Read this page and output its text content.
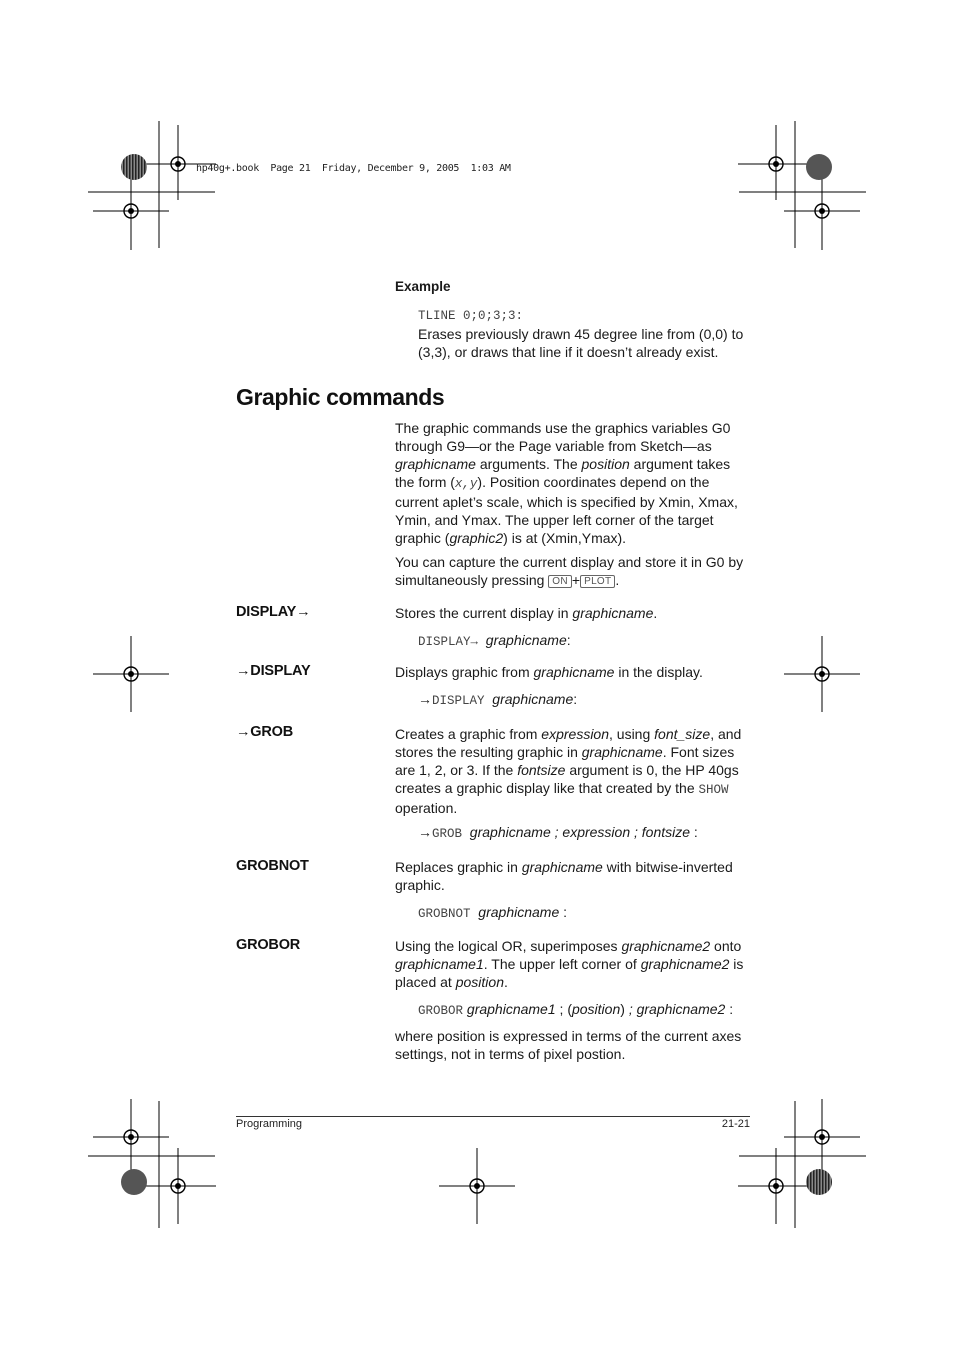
hp40g+.book  Page 21  Friday, December 9, 2005  1:03 AM
Example
TLINE 0;0;3;3:
Erases previously drawn 45 degree line from (0,0) to
(3,3), or draws that line if it doesn’t already exist.
Graphic commands
The graphic commands use the graphics variables G0 through G9—or the Page variable from Sketch—as graphicname arguments. The position argument takes the form (x,y). Position coordinates depend on the current aplet’s scale, which is specified by Xmin, Xmax, Ymin, and Ymax. The upper left corner of the target graphic (graphic2) is at (Xmin,Ymax).
You can capture the current display and store it in G0 by simultaneously pressing ON + PLOT .
DISPLAY→	Stores the current display in graphicname.
DISPLAY→ graphicname:
→DISPLAY	Displays graphic from graphicname in the display.
→DISPLAY graphicname:
→GROB	Creates a graphic from expression, using font_size, and stores the resulting graphic in graphicname. Font sizes are 1, 2, or 3. If the fontsize argument is 0, the HP 40gs creates a graphic display like that created by the SHOW operation.
→GROB graphicname ; expression ; fontsize :
GROBNOT	Replaces graphic in graphicname with bitwise-inverted graphic.
GROBNOT graphicname :
GROBOR	Using the logical OR, superimposes graphicname2 onto graphicname1. The upper left corner of graphicname2 is placed at position.
GROBOR graphicname1 ; (position) ; graphicname2 :
where position is expressed in terms of the current axes settings, not in terms of pixel postion.
Programming	21-21
